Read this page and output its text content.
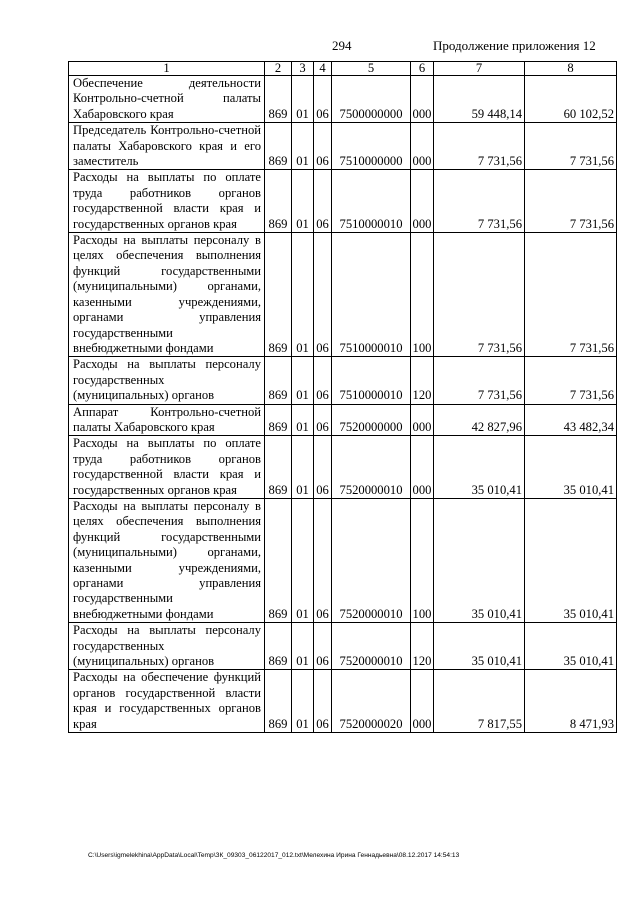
294	Продолжение приложения 12
1	2	3	4	5	6	7	8
Обеспечение деятельности Контрольно-счетной палаты Хабаровского края	869	01	06	7500000000	000	59 448,14	60 102,52
Председатель Контрольно-счетной палаты Хабаровского края и его заместитель	869	01	06	7510000000	000	7 731,56	7 731,56
Расходы на выплаты по оплате труда работников органов государственной власти края и государственных органов края	869	01	06	7510000010	000	7 731,56	7 731,56
Расходы на выплаты персоналу в целях обеспечения выполнения функций государственными (муниципальными) органами, казенными учреждениями, органами управления государственными внебюджетными фондами	869	01	06	7510000010	100	7 731,56	7 731,56
Расходы на выплаты персоналу государственных (муниципальных) органов	869	01	06	7510000010	120	7 731,56	7 731,56
Аппарат Контрольно-счетной палаты Хабаровского края	869	01	06	7520000000	000	42 827,96	43 482,34
Расходы на выплаты по оплате труда работников органов государственной власти края и государственных органов края	869	01	06	7520000010	000	35 010,41	35 010,41
Расходы на выплаты персоналу в целях обеспечения выполнения функций государственными (муниципальными) органами, казенными учреждениями, органами управления государственными внебюджетными фондами	869	01	06	7520000010	100	35 010,41	35 010,41
Расходы на выплаты персоналу государственных (муниципальных) органов	869	01	06	7520000010	120	35 010,41	35 010,41
Расходы на обеспечение функций органов государственной власти края и государственных органов края	869	01	06	7520000020	000	7 817,55	8 471,93
C:\Users\igmelekhina\AppData\Local\Temp\ЗК_09303_06122017_012.txt\Мелехина Ирина Геннадьевна\08.12.2017 14:54:13
